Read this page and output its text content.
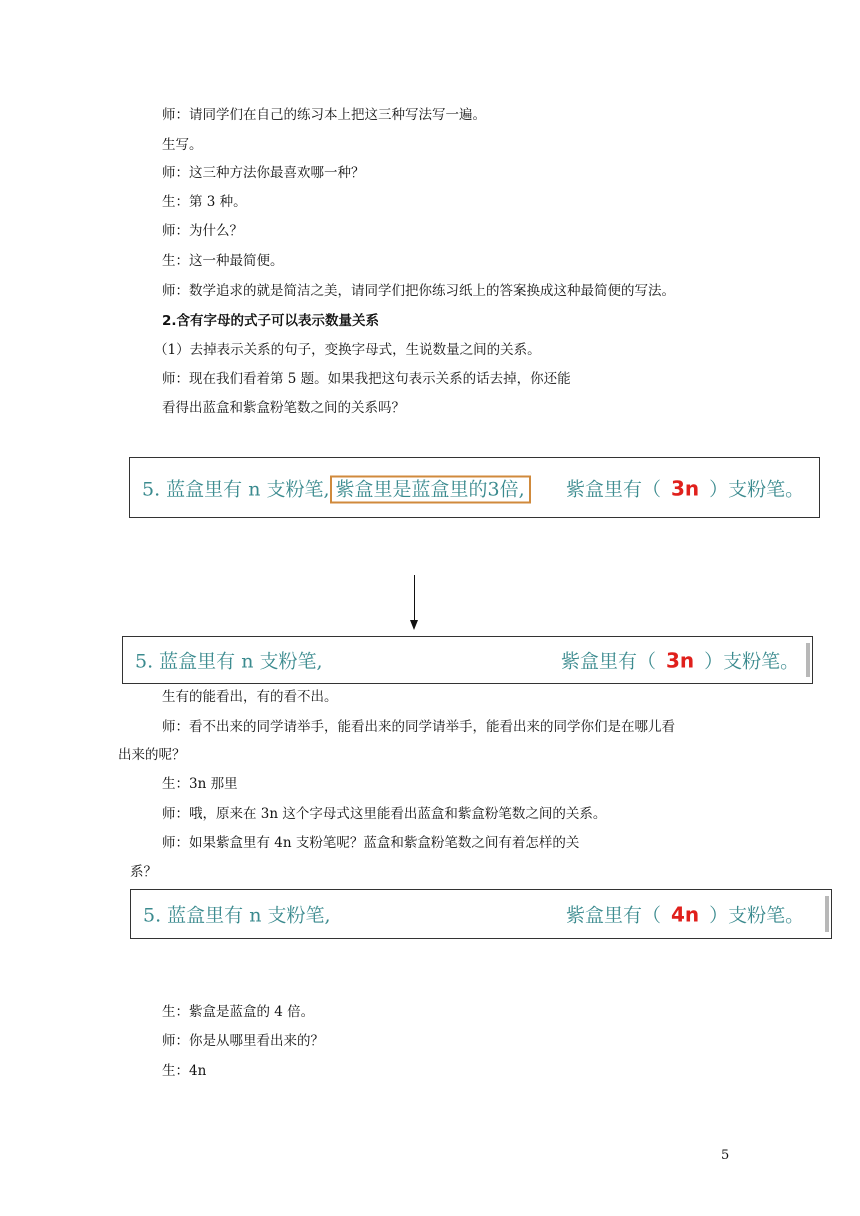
师：请同学们在自己的练习本上把这三种写法写一遍。
生写。
师：这三种方法你最喜欢哪一种？
生：第 3 种。
师：为什么？
生：这一种最简便。
师：数学追求的就是简洁之美，请同学们把你练习纸上的答案换成这种最简便的写法。
2.含有字母的式子可以表示数量关系
（1）去掉表示关系的句子，变换字母式，生说数量之间的关系。
师：现在我们看着第 5 题。如果我把这句表示关系的话去掉，你还能
看得出蓝盒和紫盒粉笔数之间的关系吗？
5. 蓝盒里有 n 支粉笔, 紫盒里是蓝盒里的3倍,	紫盒里有（ 3n ）支粉笔。
5. 蓝盒里有 n 支粉笔,	紫盒里有（ 3n ）支粉笔。
生有的能看出，有的看不出。
师：看不出来的同学请举手，能看出来的同学请举手，能看出来的同学你们是在哪儿看
出来的呢？
生：3n 那里
师：哦，原来在 3n 这个字母式这里能看出蓝盒和紫盒粉笔数之间的关系。
师：如果紫盒里有 4n 支粉笔呢？蓝盒和紫盒粉笔数之间有着怎样的关
系？
5. 蓝盒里有 n 支粉笔,	紫盒里有（ 4n ）支粉笔。
生：紫盒是蓝盒的 4 倍。
师：你是从哪里看出来的？
生：4n
5
